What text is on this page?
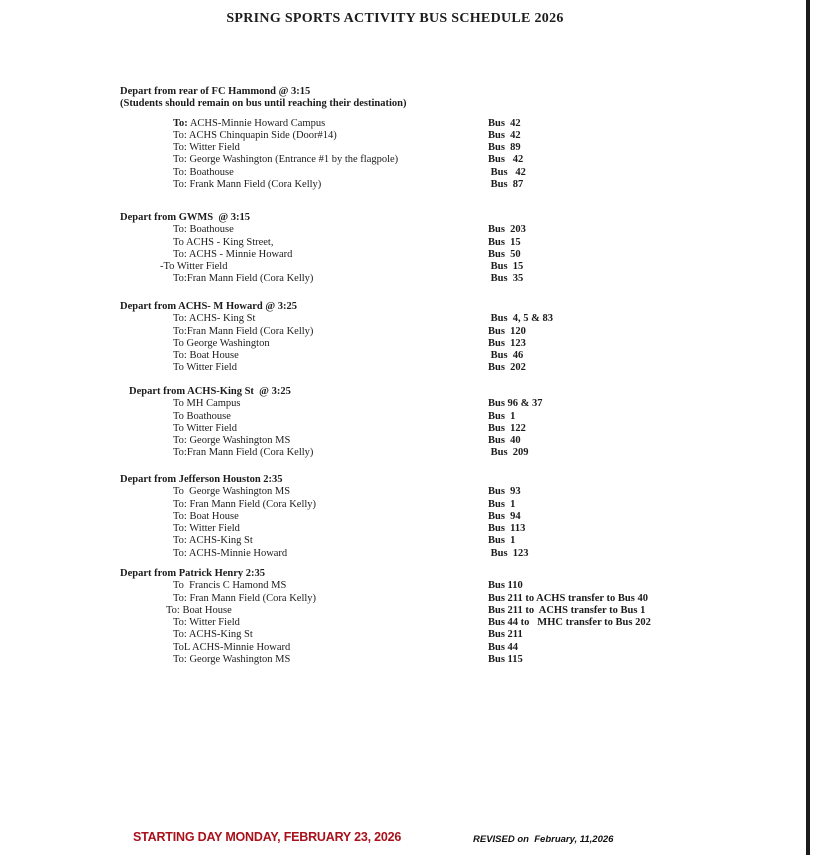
SPRING SPORTS ACTIVITY BUS SCHEDULE 2026
Depart from rear of FC Hammond @ 3:15
(Students should remain on bus until reaching their destination)
To: ACHS-Minnie Howard Campus	Bus  42
To: ACHS Chinquapin Side (Door#14)	Bus  42
To: Witter Field	Bus  89
To: George Washington (Entrance #1 by the flagpole)	Bus   42
To: Boathouse	Bus   42
To: Frank Mann Field (Cora Kelly)	Bus  87
Depart from GWMS  @ 3:15
To: Boathouse	Bus  203
To ACHS - King Street,	Bus  15
To: ACHS - Minnie Howard	Bus  50
-To Witter Field	Bus  15
To:Fran Mann Field (Cora Kelly)	Bus  35
Depart from ACHS- M Howard @ 3:25
To: ACHS- King St	Bus  4, 5 & 83
To:Fran Mann Field (Cora Kelly)	Bus  120
To George Washington	Bus  123
To: Boat House	Bus  46
To Witter Field	Bus  202
Depart from ACHS-King St  @ 3:25
To MH Campus	Bus 96 & 37
To Boathouse	Bus  1
To Witter Field	Bus  122
To: George Washington MS	Bus  40
To:Fran Mann Field (Cora Kelly)	Bus  209
Depart from Jefferson Houston 2:35
To  George Washington MS	Bus  93
To: Fran Mann Field (Cora Kelly)	Bus  1
To: Boat House	Bus  94
To: Witter Field	Bus  113
To: ACHS-King St	Bus  1
To: ACHS-Minnie Howard	Bus  123
Depart from Patrick Henry 2:35
To  Francis C Hamond MS	Bus 110
To: Fran Mann Field (Cora Kelly)	Bus 211 to ACHS transfer to Bus 40
To: Boat House	Bus 211 to  ACHS transfer to Bus 1
To: Witter Field	Bus 44 to   MHC transfer to Bus 202
To: ACHS-King St	Bus 211
ToL ACHS-Minnie Howard	Bus 44
To: George Washington MS	Bus 115
STARTING DAY MONDAY, FEBRUARY 23, 2026	REVISED on  February, 11,2026
